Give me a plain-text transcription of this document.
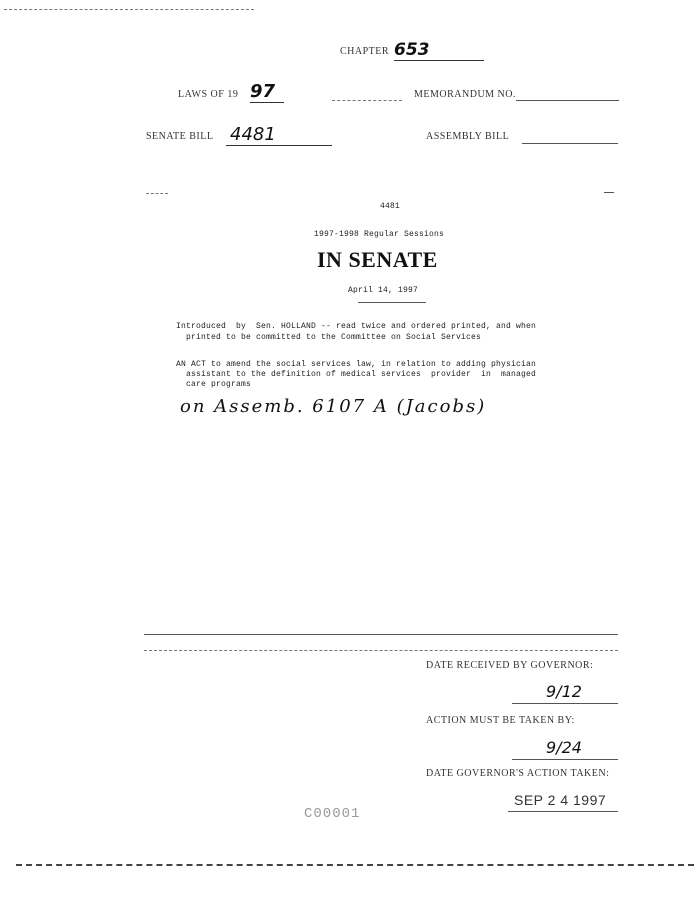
CHAPTER 653
LAWS OF 19 97	MEMORANDUM NO.
SENATE BILL 4481	ASSEMBLY BILL
4481
1997-1998 Regular Sessions
IN SENATE
April 14, 1997
Introduced  by  Sen. HOLLAND -- read twice and ordered printed, and when
printed to be committed to the Committee on Social Services
AN ACT to amend the social services law, in relation to adding physician
assistant to the definition of medical services  provider  in  managed
care programs
on Assemb. 6107 A (Jacobs)
DATE RECEIVED BY GOVERNOR:
9/12
ACTION MUST BE TAKEN BY:
9/24
DATE GOVERNOR'S ACTION TAKEN:
SEP 2 4 1997
C00001
